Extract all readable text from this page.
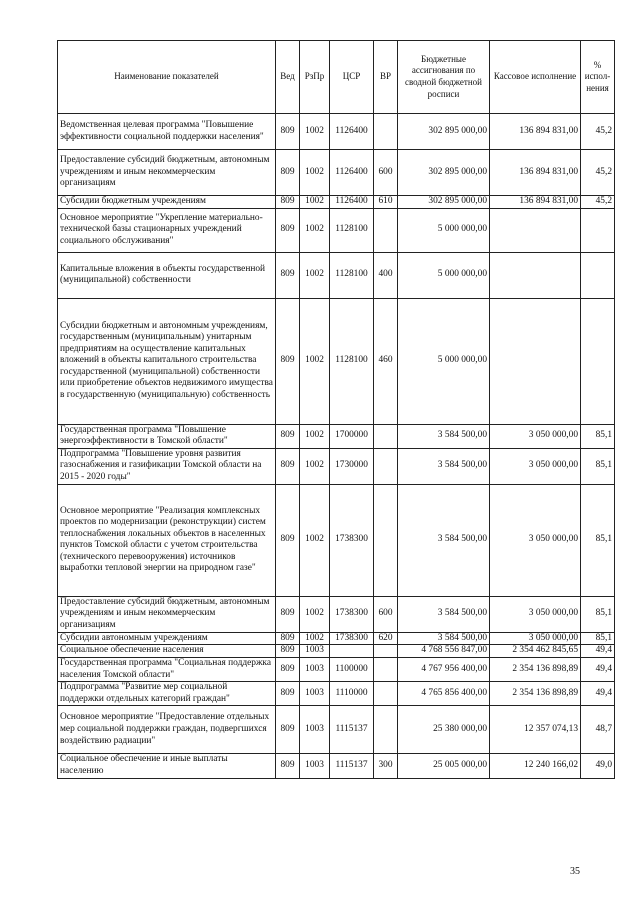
Наименование показателей	Вед	РзПр	ЦСР	ВР	Бюджетные ассигнования по сводной бюджетной росписи	Кассовое исполнение	% испол- нения
Ведомственная целевая программа "Повышение эффективности социальной поддержки населения"	809	1002	1126400		302 895 000,00	136 894 831,00	45,2
Предоставление субсидий бюджетным, автономным учреждениям и иным некоммерческим организациям	809	1002	1126400	600	302 895 000,00	136 894 831,00	45,2
Субсидии бюджетным учреждениям	809	1002	1126400	610	302 895 000,00	136 894 831,00	45,2
Основное мероприятие "Укрепление материально-технической базы стационарных учреждений социального обслуживания"	809	1002	1128100		5 000 000,00		
Капитальные вложения в объекты государственной (муниципальной) собственности	809	1002	1128100	400	5 000 000,00		
Субсидии бюджетным и автономным учреждениям, государственным (муниципальным) унитарным предприятиям на осуществление капитальных вложений в объекты капитального строительства государственной (муниципальной) собственности или приобретение объектов недвижимого имущества в государственную (муниципальную) собственность	809	1002	1128100	460	5 000 000,00		
Государственная программа "Повышение энергоэффективности в Томской области"	809	1002	1700000		3 584 500,00	3 050 000,00	85,1
Подпрограмма "Повышение уровня развития газоснабжения и газификации Томской области на 2015 - 2020 годы"	809	1002	1730000		3 584 500,00	3 050 000,00	85,1
Основное мероприятие "Реализация комплексных проектов по модернизации (реконструкции) систем теплоснабжения локальных объектов в населенных пунктов Томской области с учетом строительства (технического перевооружения) источников выработки тепловой энергии на природном газе"	809	1002	1738300		3 584 500,00	3 050 000,00	85,1
Предоставление субсидий бюджетным, автономным учреждениям и иным некоммерческим организациям	809	1002	1738300	600	3 584 500,00	3 050 000,00	85,1
Субсидии автономным учреждениям	809	1002	1738300	620	3 584 500,00	3 050 000,00	85,1
Социальное обеспечение населения	809	1003			4 768 556 847,00	2 354 462 845,65	49,4
Государственная программа "Социальная поддержка населения Томской области"	809	1003	1100000		4 767 956 400,00	2 354 136 898,89	49,4
Подпрограмма "Развитие мер социальной поддержки отдельных категорий граждан"	809	1003	1110000		4 765 856 400,00	2 354 136 898,89	49,4
Основное мероприятие "Предоставление отдельных мер социальной поддержки граждан, подвергшихся воздействию радиации"	809	1003	1115137		25 380 000,00	12 357 074,13	48,7
Социальное обеспечение и иные выплаты населению	809	1003	1115137	300	25 005 000,00	12 240 166,02	49,0
35
